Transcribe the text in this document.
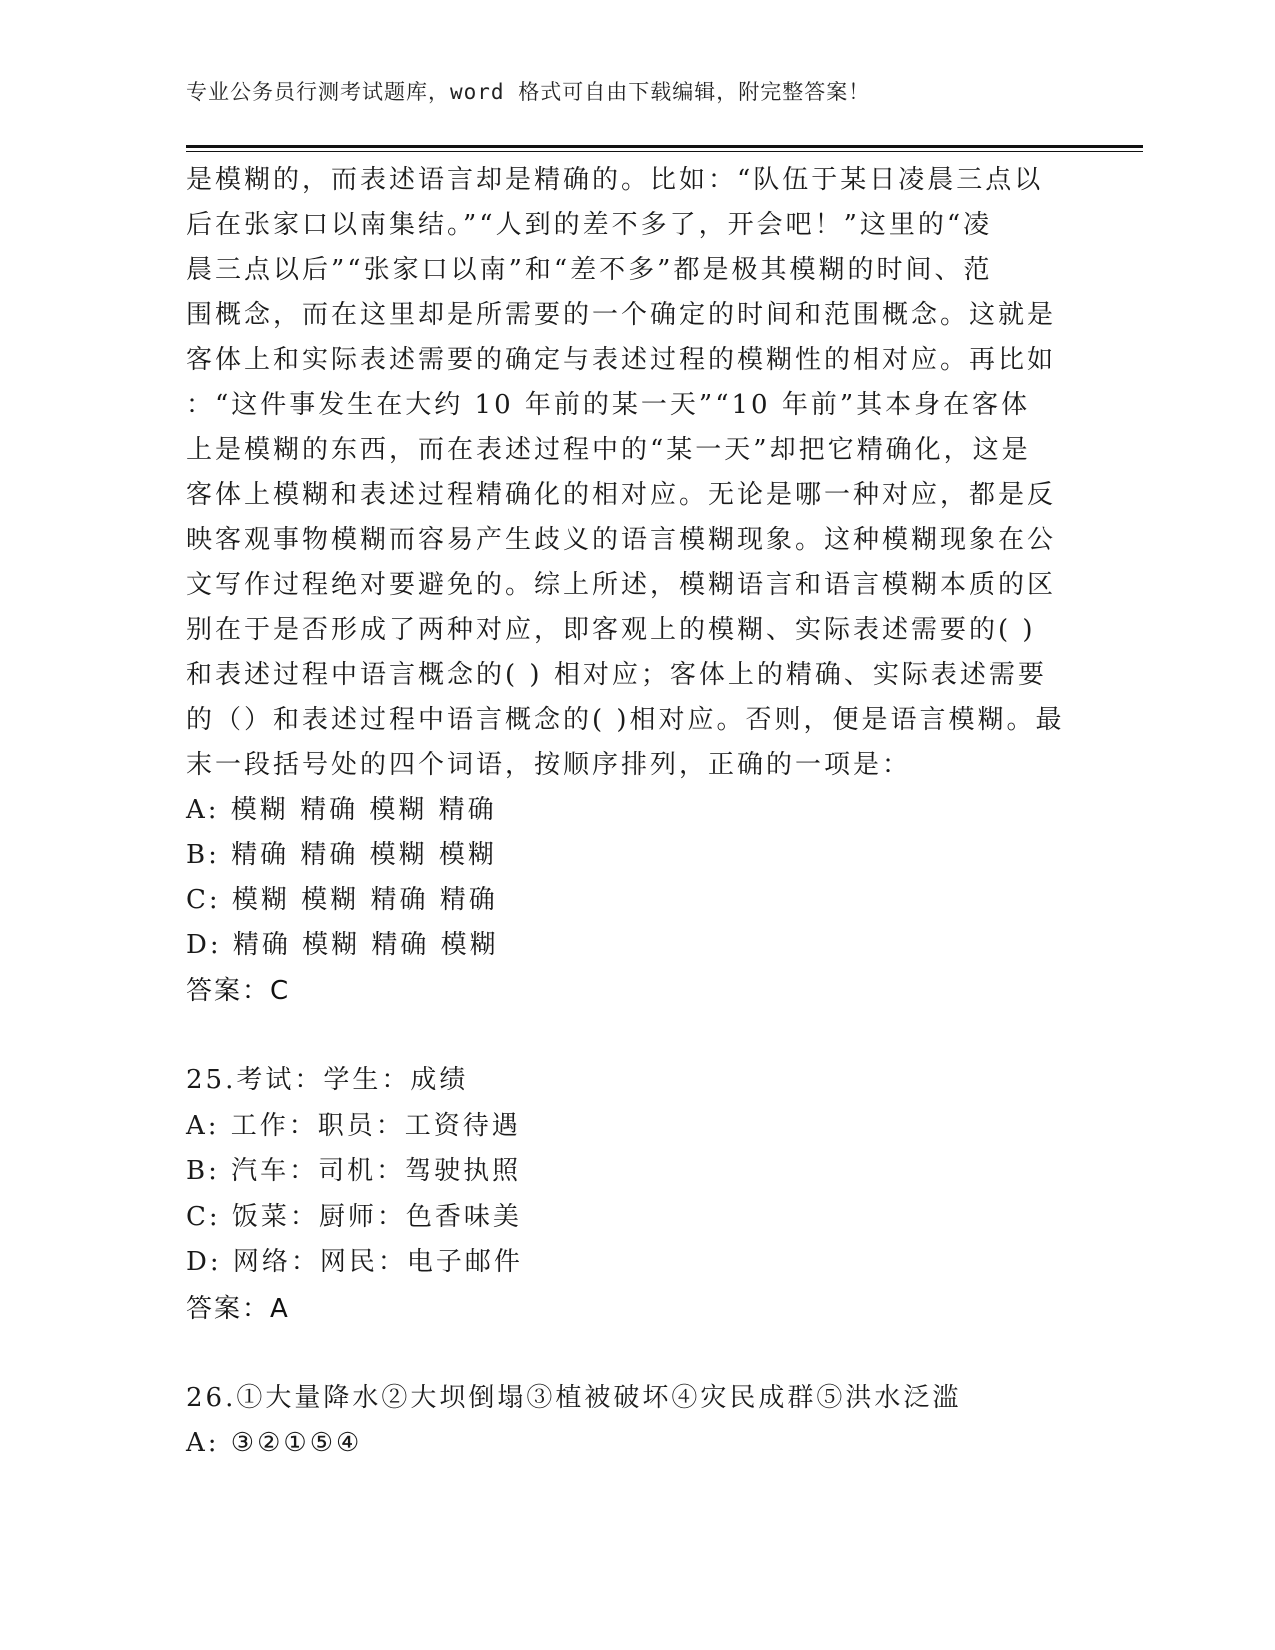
专业公务员行测考试题库，word 格式可自由下载编辑，附完整答案！
是模糊的，而表述语言却是精确的。比如：“队伍于某日凌晨三点以
后在张家口以南集结。”“人到的差不多了，开会吧！”这里的“凌
晨三点以后”“张家口以南”和“差不多”都是极其模糊的时间、范
围概念，而在这里却是所需要的一个确定的时间和范围概念。这就是
客体上和实际表述需要的确定与表述过程的模糊性的相对应。再比如
：“这件事发生在大约 10 年前的某一天”“10 年前”其本身在客体
上是模糊的东西，而在表述过程中的“某一天”却把它精确化，这是
客体上模糊和表述过程精确化的相对应。无论是哪一种对应，都是反
映客观事物模糊而容易产生歧义的语言模糊现象。这种模糊现象在公
文写作过程绝对要避免的。综上所述，模糊语言和语言模糊本质的区
别在于是否形成了两种对应，即客观上的模糊、实际表述需要的( )
和表述过程中语言概念的( ) 相对应；客体上的精确、实际表述需要
的（）和表述过程中语言概念的( )相对应。否则，便是语言模糊。最
末一段括号处的四个词语，按顺序排列，正确的一项是：
A: 模糊 精确 模糊 精确
B: 精确 精确 模糊 模糊
C: 模糊 模糊 精确 精确
D: 精确 模糊 精确 模糊
答案：C
25.考试：学生：成绩
A: 工作：职员：工资待遇
B: 汽车：司机：驾驶执照
C: 饭菜：厨师：色香味美
D: 网络：网民：电子邮件
答案：A
26.①大量降水②大坝倒塌③植被破坏④灾民成群⑤洪水泛滥
A: ③②①⑤④
